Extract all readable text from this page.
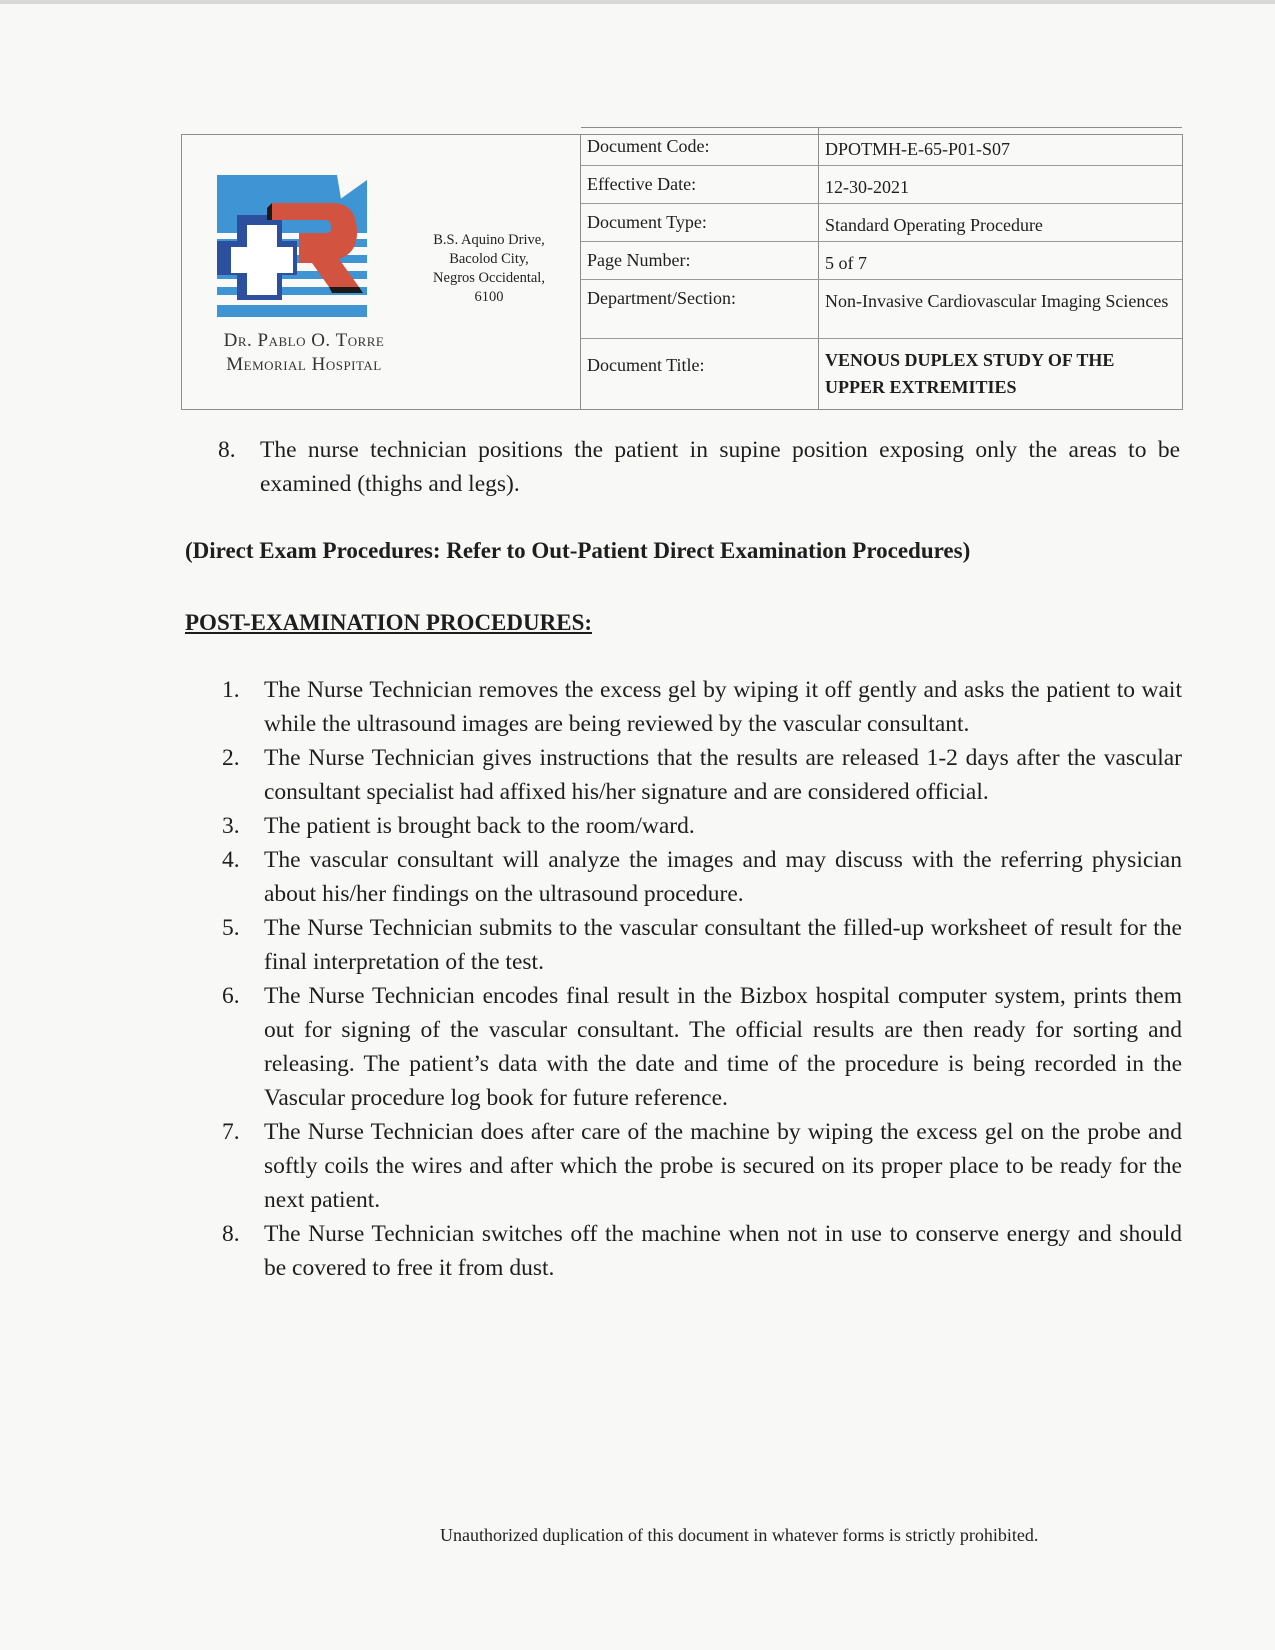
Dr. Pablo O. Torre
Memorial Hospital
B.S. Aquino Drive,
Bacolod City,
Negros Occidental,
6100
Document Code:	DPOTMH-E-65-P01-S07
Effective Date:	12-30-2021
Document Type:	Standard Operating Procedure
Page Number:	5 of 7
Department/Section:	Non-Invasive Cardiovascular Imaging Sciences
Document Title:	VENOUS DUPLEX STUDY OF THE UPPER EXTREMITIES
8.	The nurse technician positions the patient in supine position exposing only the areas to be examined (thighs and legs).
(Direct Exam Procedures: Refer to Out-Patient Direct Examination Procedures)
POST-EXAMINATION PROCEDURES:
1.	The Nurse Technician removes the excess gel by wiping it off gently and asks the patient to wait while the ultrasound images are being reviewed by the vascular consultant.
2.	The Nurse Technician gives instructions that the results are released 1-2 days after the vascular consultant specialist had affixed his/her signature and are considered official.
3.	The patient is brought back to the room/ward.
4.	The vascular consultant will analyze the images and may discuss with the referring physician about his/her findings on the ultrasound procedure.
5.	The Nurse Technician submits to the vascular consultant the filled-up worksheet of result for the final interpretation of the test.
6.	The Nurse Technician encodes final result in the Bizbox hospital computer system, prints them out for signing of the vascular consultant. The official results are then ready for sorting and releasing. The patient’s data with the date and time of the procedure is being recorded in the Vascular procedure log book for future reference.
7.	The Nurse Technician does after care of the machine by wiping the excess gel on the probe and softly coils the wires and after which the probe is secured on its proper place to be ready for the next patient.
8.	The Nurse Technician switches off the machine when not in use to conserve energy and should be covered to free it from dust.
Unauthorized duplication of this document in whatever forms is strictly prohibited.
